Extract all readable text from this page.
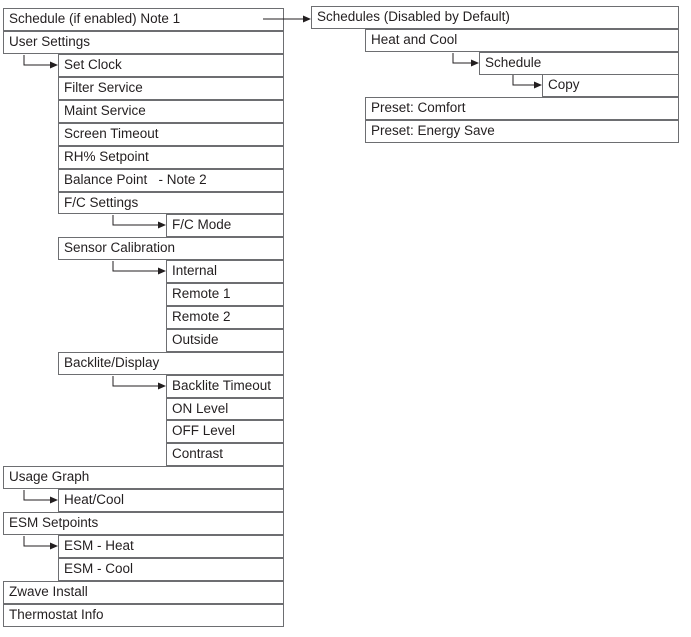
Schedule (if enabled) Note 1
User Settings
Set Clock
Filter Service
Maint Service
Screen Timeout
RH% Setpoint
Balance Point   - Note 2
F/C Settings
F/C Mode
Sensor Calibration
Internal
Remote 1
Remote 2
Outside
Backlite/Display
Backlite Timeout
ON Level
OFF Level
Contrast
Usage Graph
Heat/Cool
ESM Setpoints
ESM - Heat
ESM - Cool
Zwave Install
Thermostat Info
Schedules (Disabled by Default)
Heat and Cool
Schedule
Copy
Preset: Comfort
Preset: Energy Save
